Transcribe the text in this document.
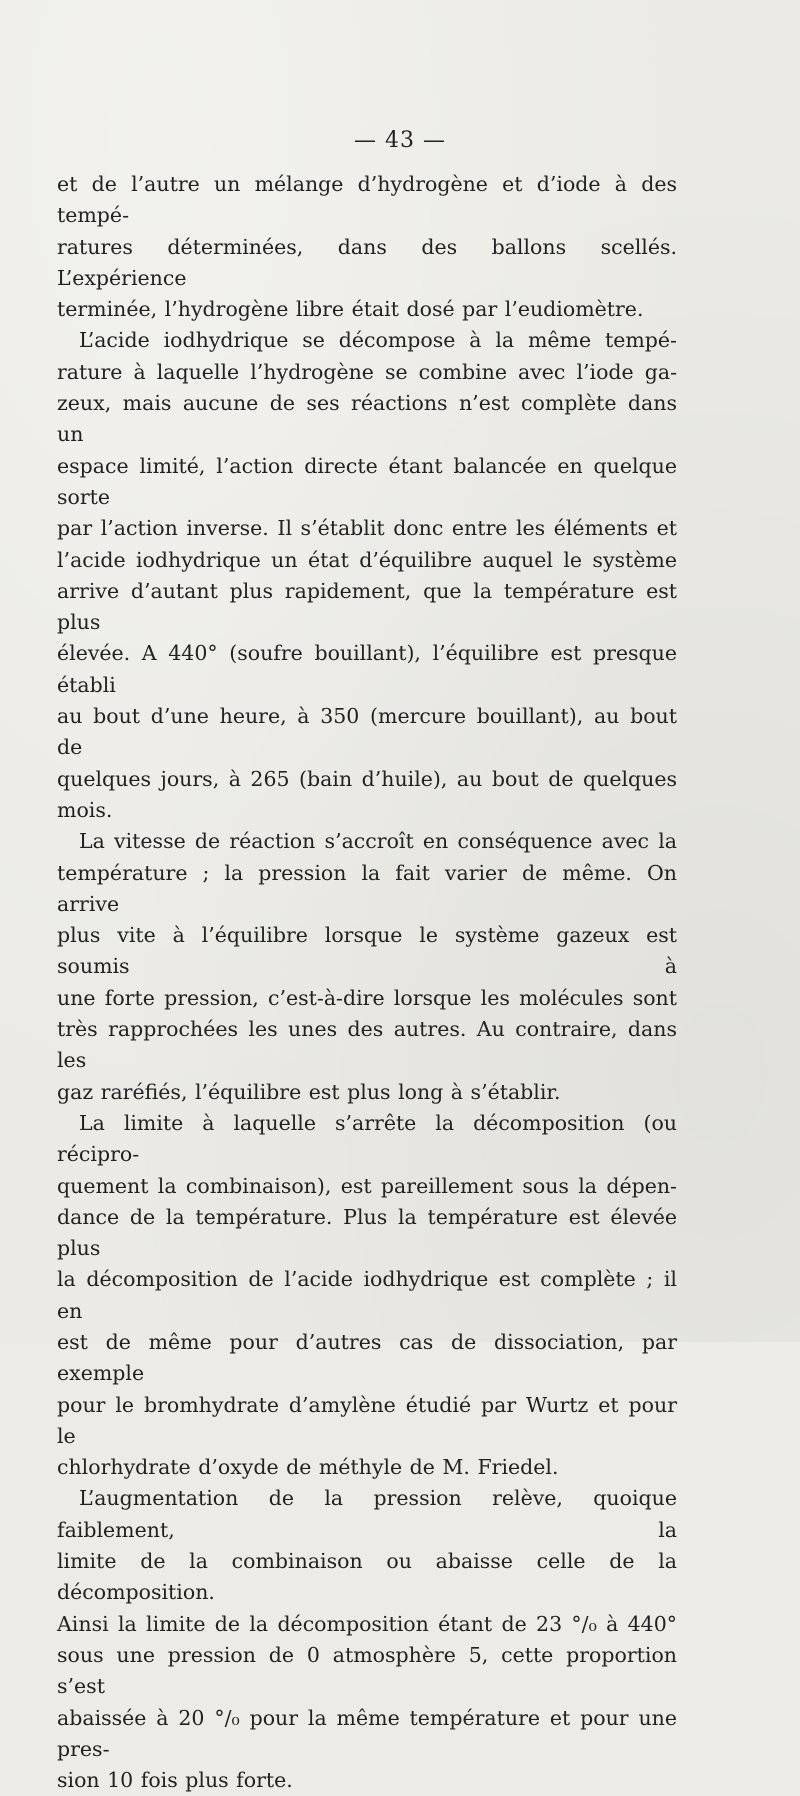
— 43 —

et de l’autre un mélange d’hydrogène et d’iode à des tempé-

ratures déterminées, dans des ballons scellés. L’expérience

terminée, l’hydrogène libre était dosé par l’eudiomètre.

L’acide iodhydrique se décompose à la même tempé-

rature à laquelle l’hydrogène se combine avec l’iode ga-

zeux, mais aucune de ses réactions n’est complète dans un

espace limité, l’action directe étant balancée en quelque sorte

par l’action inverse. Il s’établit donc entre les éléments et

l’acide iodhydrique un état d’équilibre auquel le système

arrive d’autant plus rapidement, que la température est plus

élevée. A 440° (soufre bouillant), l’équilibre est presque établi

au bout d’une heure, à 350 (mercure bouillant), au bout de

quelques jours, à 265 (bain d’huile), au bout de quelques mois.

La vitesse de réaction s’accroît en conséquence avec la

température ; la pression la fait varier de même. On arrive

plus vite à l’équilibre lorsque le système gazeux est soumis à

une forte pression, c’est-à-dire lorsque les molécules sont

très rapprochées les unes des autres. Au contraire, dans les

gaz raréfiés, l’équilibre est plus long à s’établir.

La limite à laquelle s’arrête la décomposition (ou récipro-

quement la combinaison), est pareillement sous la dépen-

dance de la température. Plus la température est élevée plus

la décomposition de l’acide iodhydrique est complète ; il en

est de même pour d’autres cas de dissociation, par exemple

pour le bromhydrate d’amylène étudié par Wurtz et pour le

chlorhydrate d’oxyde de méthyle de M. Friedel.

L’augmentation de la pression relève, quoique faiblement, la

limite de la combinaison ou abaisse celle de la décomposition.

Ainsi la limite de la décomposition étant de 23 °/₀ à 440°

sous une pression de 0 atmosphère 5, cette proportion s’est

abaissée à 20 °/₀ pour la même température et pour une pres-

sion 10 fois plus forte.
